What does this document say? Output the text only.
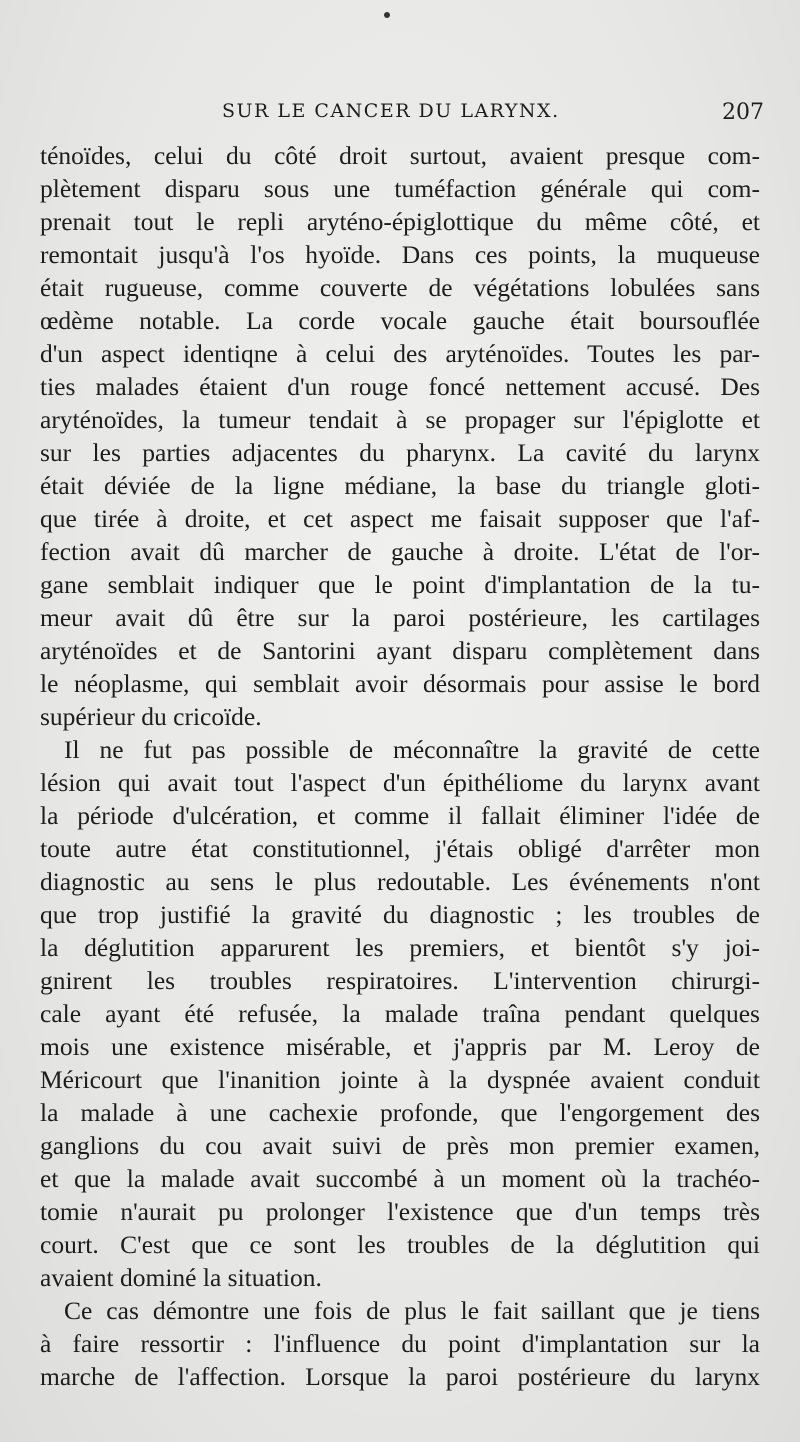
SUR LE CANCER DU LARYNX.	207
ténoïdes, celui du côté droit surtout, avaient presque com-
plètement disparu sous une tuméfaction générale qui com-
prenait tout le repli aryténo-épiglottique du même côté, et
remontait jusqu'à l'os hyoïde. Dans ces points, la muqueuse
était rugueuse, comme couverte de végétations lobulées sans
œdème notable. La corde vocale gauche était boursouflée
d'un aspect identiqne à celui des aryténoïdes. Toutes les par-
ties malades étaient d'un rouge foncé nettement accusé. Des
aryténoïdes, la tumeur tendait à se propager sur l'épiglotte et
sur les parties adjacentes du pharynx. La cavité du larynx
était déviée de la ligne médiane, la base du triangle gloti-
que tirée à droite, et cet aspect me faisait supposer que l'af-
fection avait dû marcher de gauche à droite. L'état de l'or-
gane semblait indiquer que le point d'implantation de la tu-
meur avait dû être sur la paroi postérieure, les cartilages
aryténoïdes et de Santorini ayant disparu complètement dans
le néoplasme, qui semblait avoir désormais pour assise le bord
supérieur du cricoïde.
Il ne fut pas possible de méconnaître la gravité de cette
lésion qui avait tout l'aspect d'un épithéliome du larynx avant
la période d'ulcération, et comme il fallait éliminer l'idée de
toute autre état constitutionnel, j'étais obligé d'arrêter mon
diagnostic au sens le plus redoutable. Les événements n'ont
que trop justifié la gravité du diagnostic ; les troubles de
la déglutition apparurent les premiers, et bientôt s'y joi-
gnirent les troubles respiratoires. L'intervention chirurgi-
cale ayant été refusée, la malade traîna pendant quelques
mois une existence misérable, et j'appris par M. Leroy de
Méricourt que l'inanition jointe à la dyspnée avaient conduit
la malade à une cachexie profonde, que l'engorgement des
ganglions du cou avait suivi de près mon premier examen,
et que la malade avait succombé à un moment où la trachéo-
tomie n'aurait pu prolonger l'existence que d'un temps très
court. C'est que ce sont les troubles de la déglutition qui
avaient dominé la situation.
Ce cas démontre une fois de plus le fait saillant que je tiens
à faire ressortir : l'influence du point d'implantation sur la
marche de l'affection. Lorsque la paroi postérieure du larynx
